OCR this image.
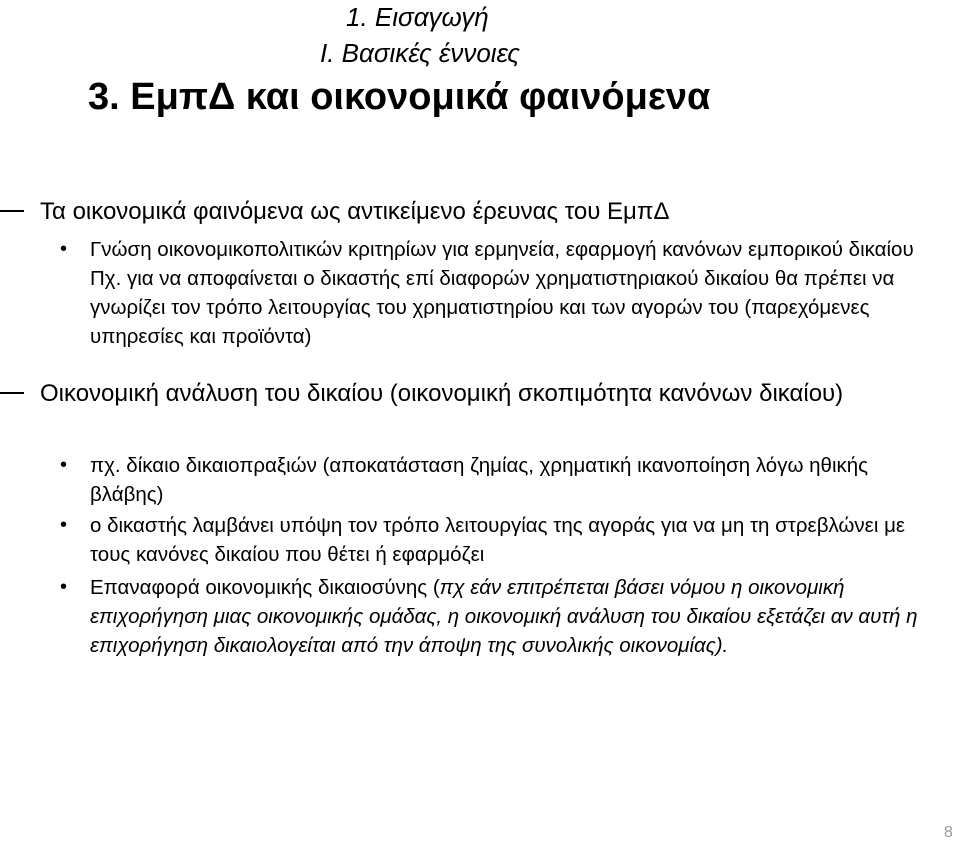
1. Εισαγωγή

Ι. Βασικές έννοιες

3. ΕμπΔ και οικονομικά φαινόμενα
Τα οικονομικά φαινόμενα ως αντικείμενο έρευνας του ΕμπΔ
• Γνώση οικονομικοπολιτικών κριτηρίων για ερμηνεία, εφαρμογή κανόνων εμπορικού δικαίου Πχ. για να αποφαίνεται ο δικαστής επί διαφορών χρηματιστηριακού δικαίου θα πρέπει να γνωρίζει τον τρόπο λειτουργίας του χρηματιστηρίου και των αγορών του (παρεχόμενες υπηρεσίες και προϊόντα)
Οικονομική ανάλυση του δικαίου (οικονομική σκοπιμότητα κανόνων δικαίου)
• πχ. δίκαιο δικαιοπραξιών (αποκατάσταση ζημίας, χρηματική ικανοποίηση λόγω ηθικής βλάβης)
• ο δικαστής λαμβάνει υπόψη τον τρόπο λειτουργίας της αγοράς για να μη τη στρεβλώνει με τους κανόνες δικαίου που θέτει ή εφαρμόζει
• Επαναφορά οικονομικής δικαιοσύνης (πχ εάν επιτρέπεται βάσει νόμου η οικονομική επιχορήγηση μιας οικονομικής ομάδας, η οικονομική ανάλυση του δικαίου εξετάζει αν αυτή η επιχορήγηση δικαιολογείται από την άποψη της συνολικής οικονομίας).
8
